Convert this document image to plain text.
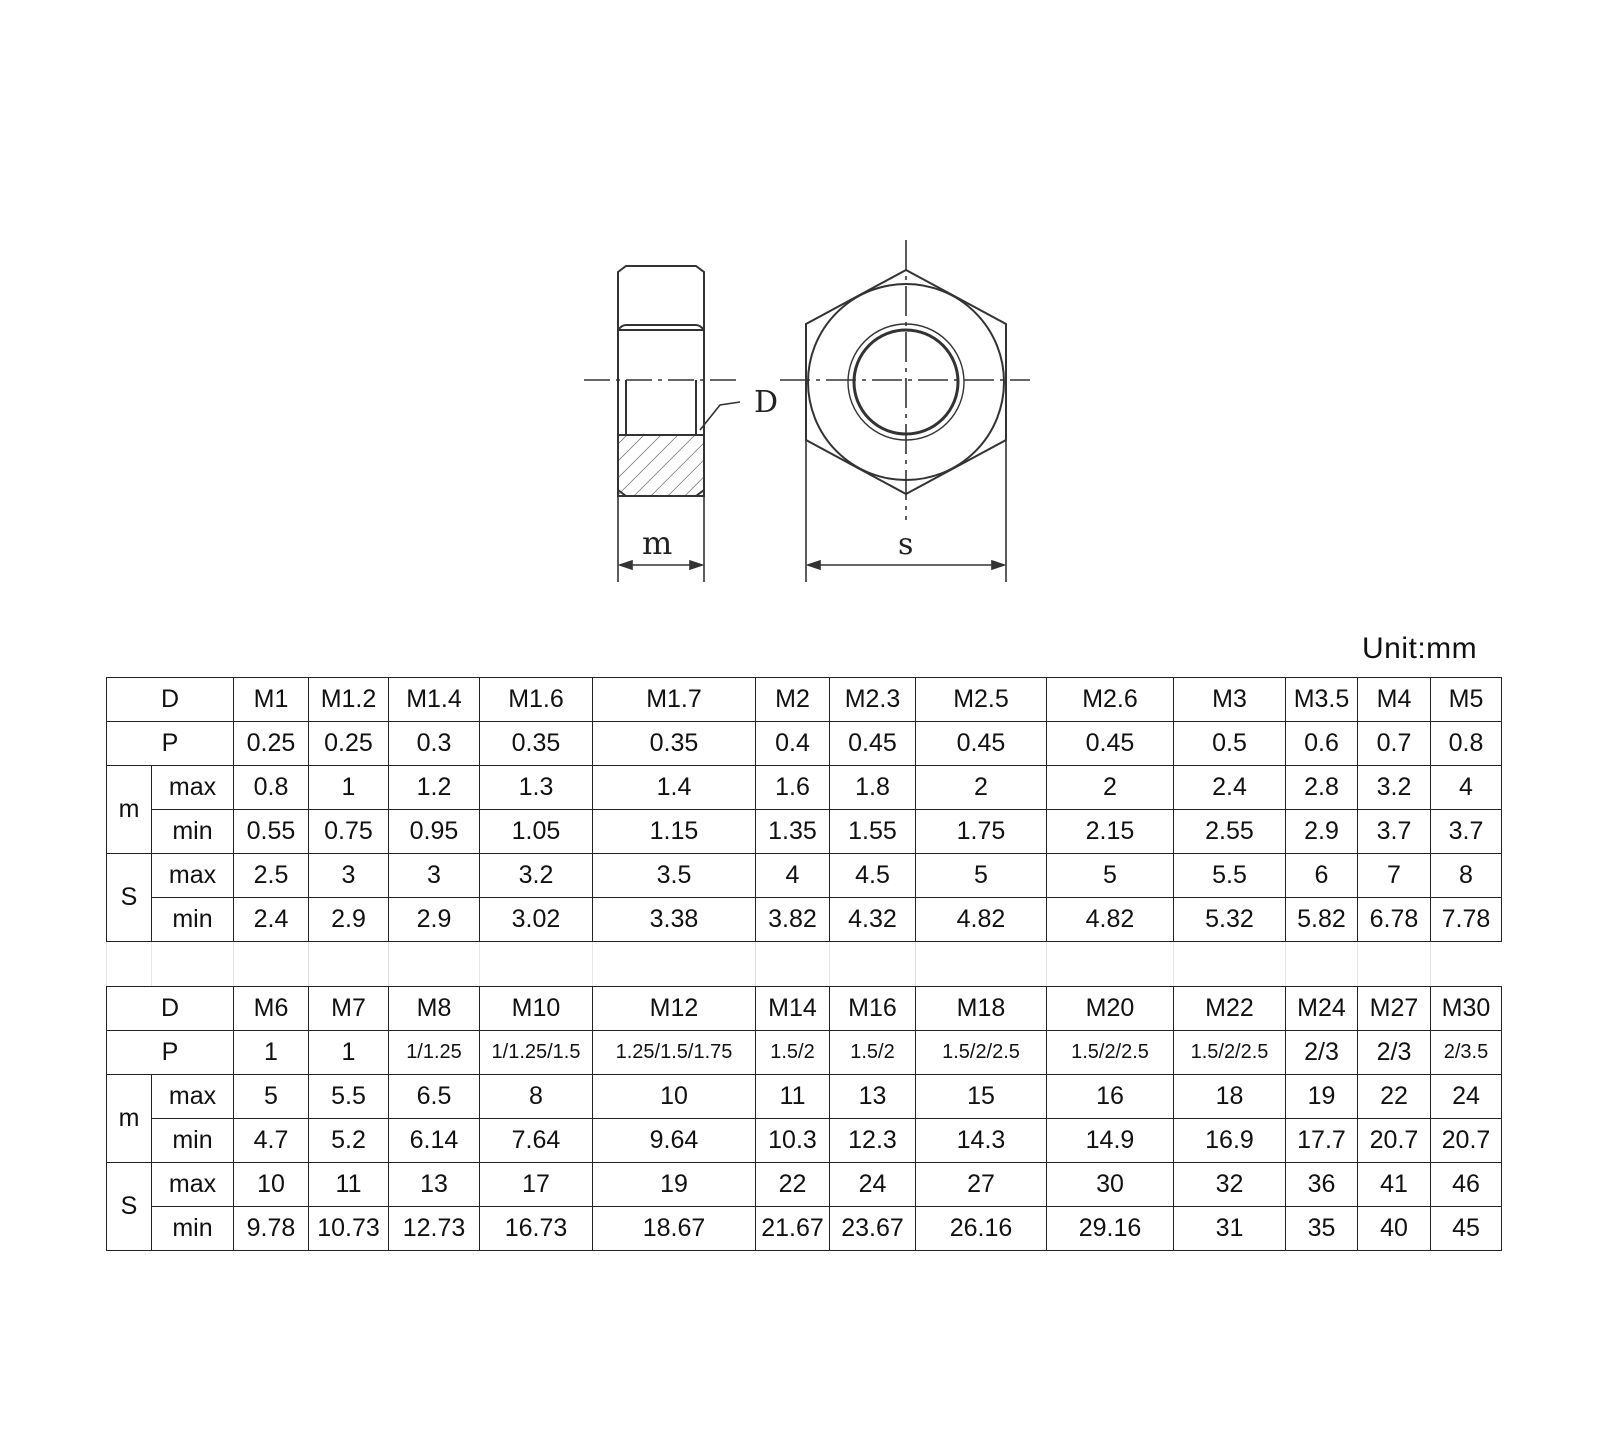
D
m	s
Unit:mm
D		M1	M1.2	M1.4	M1.6	M1.7	M2	M2.3	M2.5	M2.6	M3	M3.5	M4	M5
P		0.25	0.25	0.3	0.35	0.35	0.4	0.45	0.45	0.45	0.5	0.6	0.7	0.8
m	max	0.8	1	1.2	1.3	1.4	1.6	1.8	2	2	2.4	2.8	3.2	4
	min	0.55	0.75	0.95	1.05	1.15	1.35	1.55	1.75	2.15	2.55	2.9	3.7	3.7
S	max	2.5	3	3	3.2	3.5	4	4.5	5	5	5.5	6	7	8
	min	2.4	2.9	2.9	3.02	3.38	3.82	4.32	4.82	4.82	5.32	5.82	6.78	7.78
D		M6	M7	M8	M10	M12	M14	M16	M18	M20	M22	M24	M27	M30
P		1	1	1/1.25	1/1.25/1.5	1.25/1.5/1.75	1.5/2	1.5/2	1.5/2/2.5	1.5/2/2.5	1.5/2/2.5	2/3	2/3	2/3.5
m	max	5	5.5	6.5	8	10	11	13	15	16	18	19	22	24
	min	4.7	5.2	6.14	7.64	9.64	10.3	12.3	14.3	14.9	16.9	17.7	20.7	20.7
S	max	10	11	13	17	19	22	24	27	30	32	36	41	46
	min	9.78	10.73	12.73	16.73	18.67	21.67	23.67	26.16	29.16	31	35	40	45
